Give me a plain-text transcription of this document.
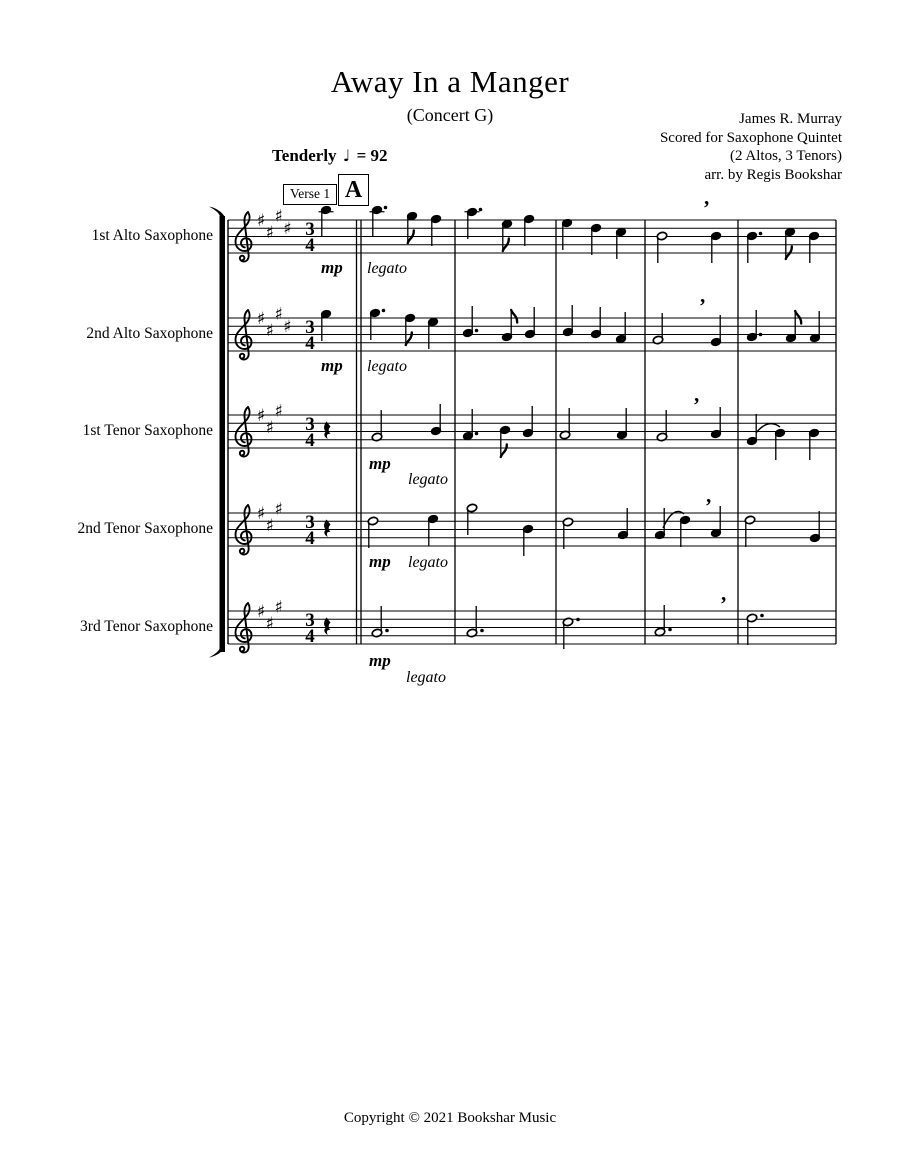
Away In a Manger
(Concert G)	James R. Murray
Scored for Saxophone Quintet
(2 Altos, 3 Tenors)
arr. by Regis Bookshar
Tenderly ♩ = 92
Verse 1 A
1st Alto Saxophone
2nd Alto Saxophone
1st Tenor Saxophone
2nd Tenor Saxophone
3rd Tenor Saxophone
♯
♯
♯
♯ 3
4
mp legato
’
♯
♯
♯
♯ 3
4
mp legato
’
♯
♯
♯
3
4
mp
legato
’
♯
♯
♯
3
4
mp legato
’
♯
♯
♯
3
4
mp
legato
’
Copyright © 2021 Bookshar Music
